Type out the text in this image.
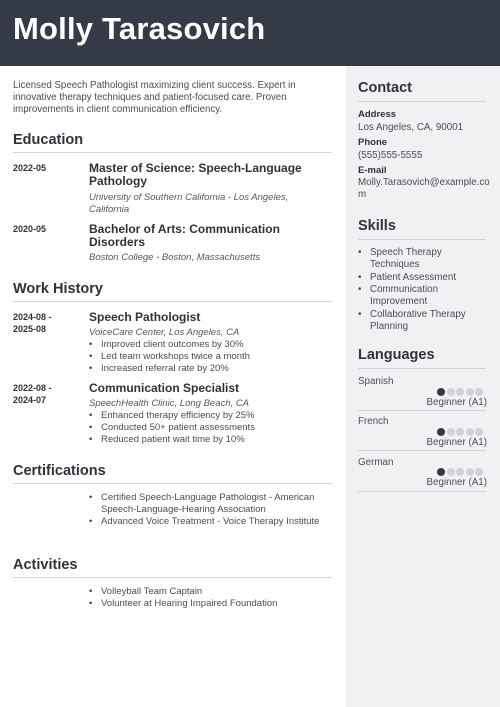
Molly Tarasovich

Licensed Speech Pathologist maximizing client success. Expert in innovative therapy techniques and patient-focused care. Proven improvements in client communication efficiency.

Education
2022-05	Master of Science: Speech-Language Pathology
University of Southern California - Los Angeles, California
2020-05	Bachelor of Arts: Communication Disorders
Boston College - Boston, Massachusetts
Work History
2024-08 -
2025-08
Speech Pathologist
VoiceCare Center, Los Angeles, CA
• Improved client outcomes by 30%
• Led team workshops twice a month
• Increased referral rate by 20%
2022-08 -
2024-07
Communication Specialist
SpeechHealth Clinic, Long Beach, CA
• Enhanced therapy efficiency by 25%
• Conducted 50+ patient assessments
• Reduced patient wait time by 10%
Certifications
• Certified Speech-Language Pathologist - American Speech-Language-Hearing Association
• Advanced Voice Treatment - Voice Therapy Institute
Activities
• Volleyball Team Captain
• Volunteer at Hearing Impaired Foundation
Contact
Address
Los Angeles, CA, 90001
Phone
(555)555-5555
E-mail
Molly.Tarasovich@example.com
Skills
• Speech Therapy Techniques
• Patient Assessment
• Communication Improvement
• Collaborative Therapy Planning
Languages
Spanish
Beginner (A1)
French
Beginner (A1)
German
Beginner (A1)
